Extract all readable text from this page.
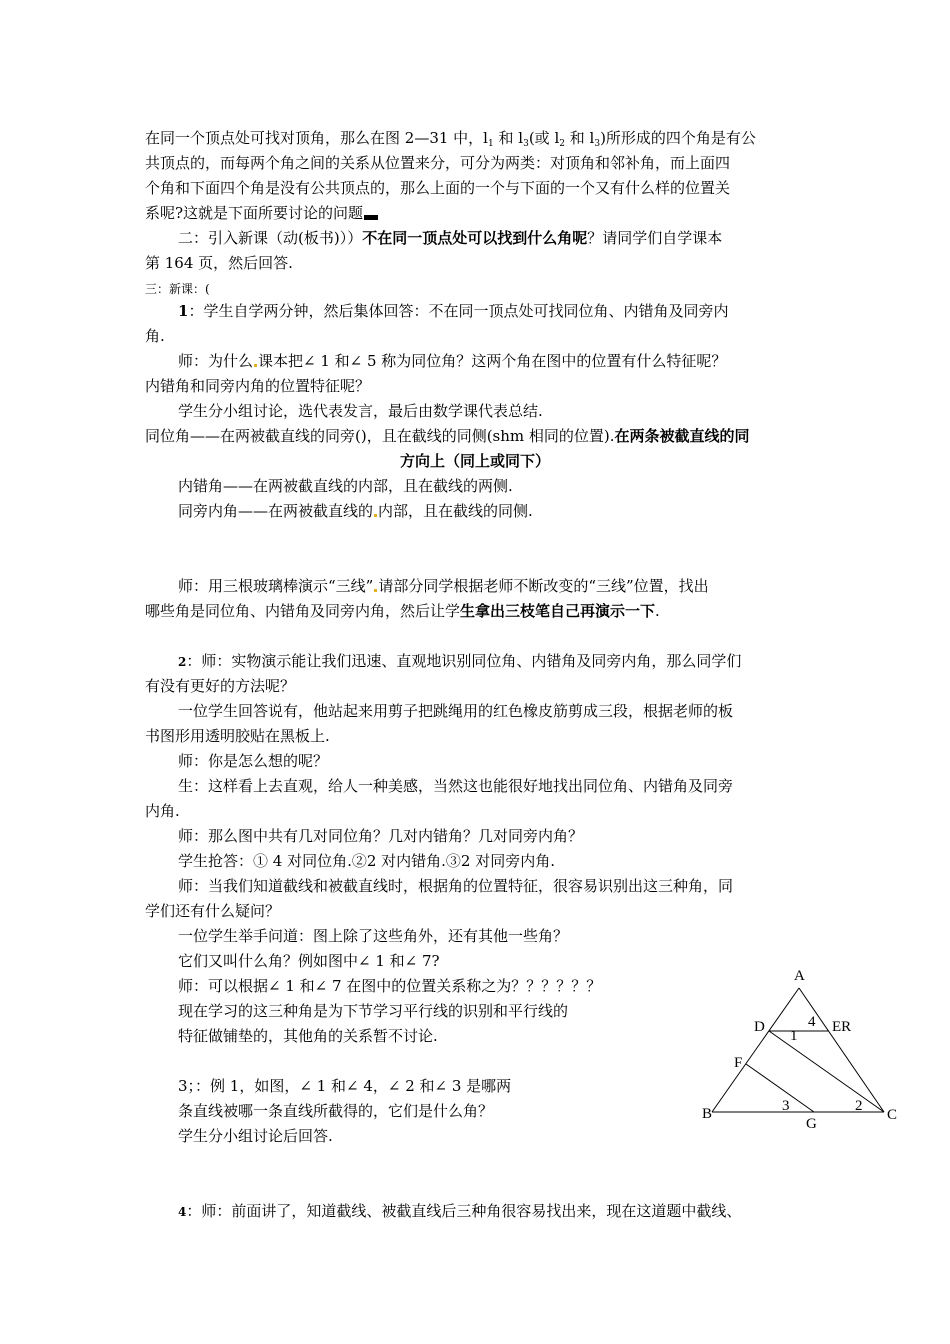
在同一个顶点处可找对顶角，那么在图 2—31 中，$l_1$ 和 $l_3$(或 $l_2$ 和 $l_3$)所形成的四个角是有公
共顶点的，而每两个角之间的关系从位置来分，可分为两类：对顶角和邻补角，而上面四
个角和下面四个角是没有公共顶点的，那么上面的一个与下面的一个又有什么样的位置关
系呢?这就是下面所要讨论的问题
二：引入新课（动(板书)））不在同一顶点处可以找到什么角呢？请同学们自学课本
第 164 页，然后回答.
三：新课：(
1：学生自学两分钟，然后集体回答：不在同一顶点处可找同位角、内错角及同旁内
角.
师：为什么 课本把∠ 1 和∠ 5 称为同位角？这两个角在图中的位置有什么特征呢？
内错角和同旁内角的位置特征呢？
学生分小组讨论，选代表发言，最后由数学课代表总结.
同位角——在两被截直线的同旁()，且在截线的同侧(shm 相同的位置).在两条被截直线的同
方向上（同上或同下）
内错角——在两被截直线的内部，且在截线的两侧.
同旁内角——在两被截直线的 内部，且在截线的同侧.
师：用三根玻璃棒演示“三线” 请部分同学根据老师不断改变的“三线”位置，找出
哪些角是同位角、内错角及同旁内角，然后让学生拿出三枝笔自己再演示一下.
2：师：实物演示能让我们迅速、直观地识别同位角、内错角及同旁内角，那么同学们
有没有更好的方法呢？
一位学生回答说有，他站起来用剪子把跳绳用的红色橡皮筋剪成三段，根据老师的板
书图形用透明胶贴在黑板上.
师：你是怎么想的呢？
生：这样看上去直观，给人一种美感，当然这也能很好地找出同位角、内错角及同旁
内角.
师：那么图中共有几对同位角？几对内错角？几对同旁内角？
学生抢答：① 4 对同位角.②2 对内错角.③2 对同旁内角.
师：当我们知道截线和被截直线时，根据角的位置特征，很容易识别出这三种角，同
学们还有什么疑问？
一位学生举手问道：图上除了这些角外，还有其他一些角？
它们又叫什么角？例如图中∠ 1 和∠ 7?
师：可以根据∠ 1 和∠ 7 在图中的位置关系称之为？？？？？？
现在学习的这三种角是为下节学习平行线的识别和平行线的
特征做铺垫的，其他角的关系暂不讨论.
3；：例 1，如图，∠ 1 和∠ 4，∠ 2 和∠ 3 是哪两
条直线被哪一条直线所截得的，它们是什么角？
学生分小组讨论后回答.
4：师：前面讲了，知道截线、被截直线后三种角很容易找出来，现在这道题中截线、
A
B	C
D	ER
F
G
1
2
3
4
